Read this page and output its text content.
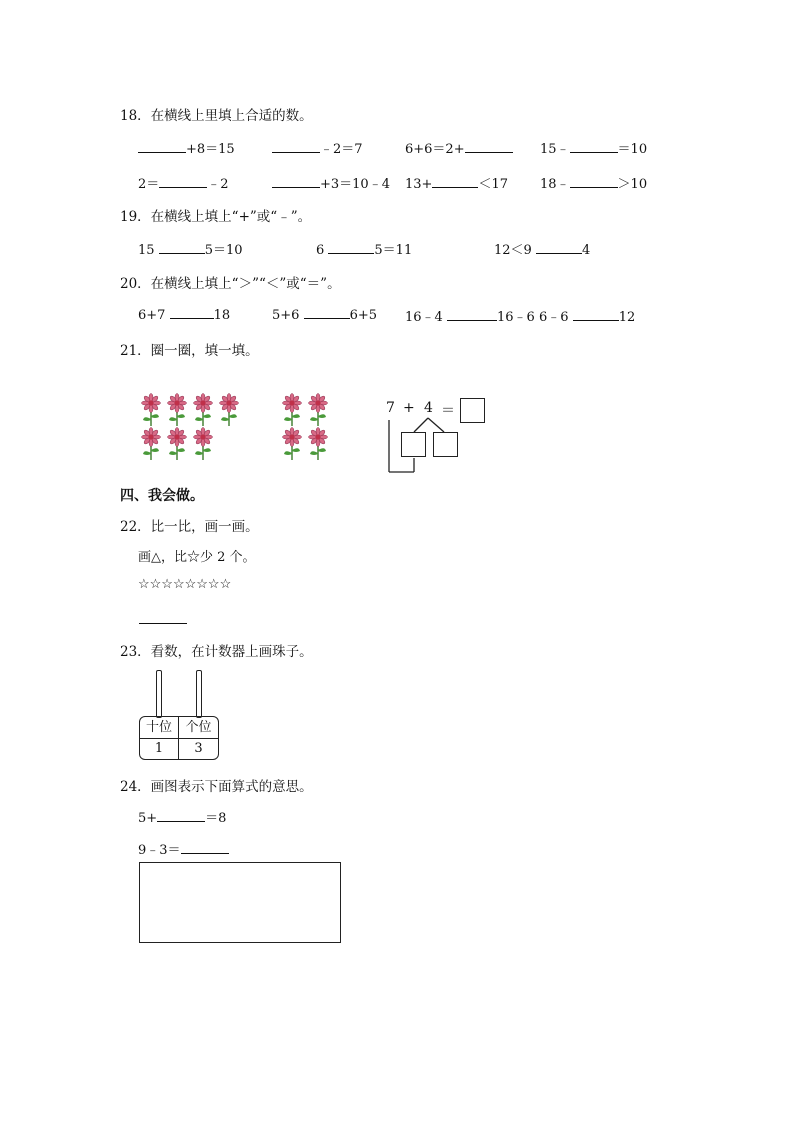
18．在横线上里填上合适的数。
+8＝15	﹣2＝7	6+6＝2+	15﹣	＝10
2＝	﹣2	+3＝10﹣4 13+	＜17 18﹣	＞10
19．在横线上填上“+”或“﹣”。
15	5＝10	6	5＝11	12＜9	4
20．在横线上填上“＞”“＜”或“＝”。
6+7	18	5+6	6+5 16﹣4	16﹣6 6﹣6	12
21．圈一圈，填一填。
7 + 4 ＝
四、我会做。
22．比一比，画一画。
画△，比☆少 2 个。
☆☆☆☆☆☆☆☆
23．看数，在计数器上画珠子。
十位	个位
1	3
24．画图表示下面算式的意思。
5+	＝8
9﹣3＝
